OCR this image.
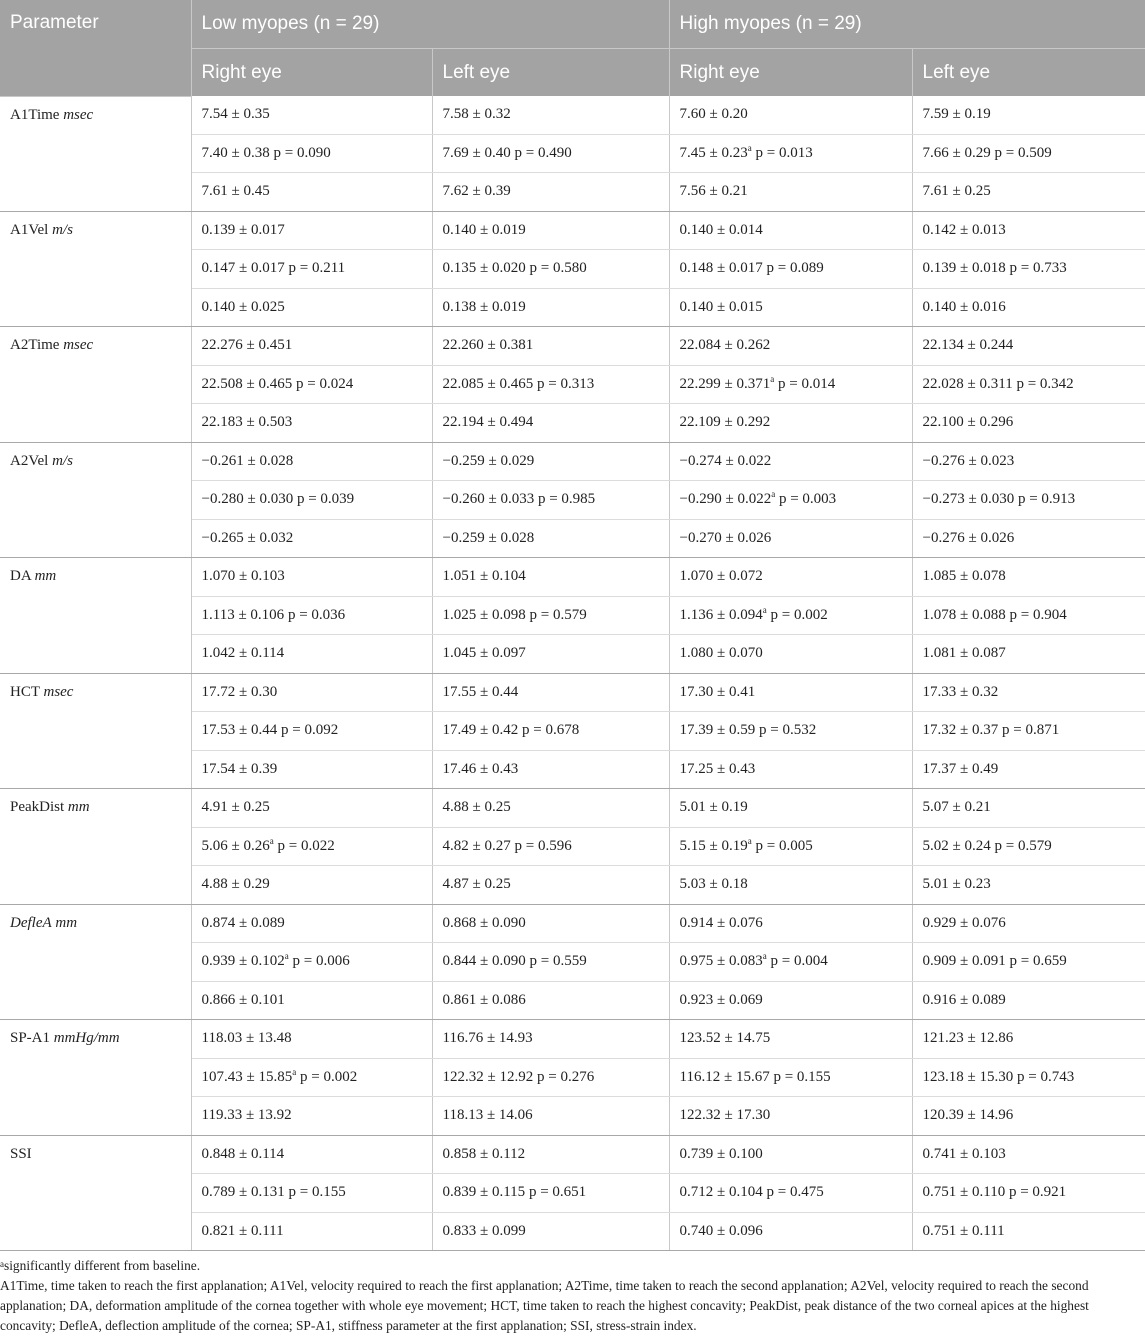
Parameter	Low myopes (n = 29)		High myopes (n = 29)	
	Right eye	Left eye	Right eye	Left eye
A1Time msec	7.54 ± 0.35	7.58 ± 0.32	7.60 ± 0.20	7.59 ± 0.19
	7.40 ± 0.38 p = 0.090	7.69 ± 0.40 p = 0.490	7.45 ± 0.23$^a$ p = 0.013	7.66 ± 0.29 p = 0.509
	7.61 ± 0.45	7.62 ± 0.39	7.56 ± 0.21	7.61 ± 0.25
A1Vel m/s	0.139 ± 0.017	0.140 ± 0.019	0.140 ± 0.014	0.142 ± 0.013
	0.147 ± 0.017 p = 0.211	0.135 ± 0.020 p = 0.580	0.148 ± 0.017 p = 0.089	0.139 ± 0.018 p = 0.733
	0.140 ± 0.025	0.138 ± 0.019	0.140 ± 0.015	0.140 ± 0.016
A2Time msec	22.276 ± 0.451	22.260 ± 0.381	22.084 ± 0.262	22.134 ± 0.244
	22.508 ± 0.465 p = 0.024	22.085 ± 0.465 p = 0.313	22.299 ± 0.371$^a$ p = 0.014	22.028 ± 0.311 p = 0.342
	22.183 ± 0.503	22.194 ± 0.494	22.109 ± 0.292	22.100 ± 0.296
A2Vel m/s	−0.261 ± 0.028	−0.259 ± 0.029	−0.274 ± 0.022	−0.276 ± 0.023
	−0.280 ± 0.030 p = 0.039	−0.260 ± 0.033 p = 0.985	−0.290 ± 0.022$^a$ p = 0.003	−0.273 ± 0.030 p = 0.913
	−0.265 ± 0.032	−0.259 ± 0.028	−0.270 ± 0.026	−0.276 ± 0.026
DA mm	1.070 ± 0.103	1.051 ± 0.104	1.070 ± 0.072	1.085 ± 0.078
	1.113 ± 0.106 p = 0.036	1.025 ± 0.098 p = 0.579	1.136 ± 0.094$^a$ p = 0.002	1.078 ± 0.088 p = 0.904
	1.042 ± 0.114	1.045 ± 0.097	1.080 ± 0.070	1.081 ± 0.087
HCT msec	17.72 ± 0.30	17.55 ± 0.44	17.30 ± 0.41	17.33 ± 0.32
	17.53 ± 0.44 p = 0.092	17.49 ± 0.42 p = 0.678	17.39 ± 0.59 p = 0.532	17.32 ± 0.37 p = 0.871
	17.54 ± 0.39	17.46 ± 0.43	17.25 ± 0.43	17.37 ± 0.49
PeakDist mm	4.91 ± 0.25	4.88 ± 0.25	5.01 ± 0.19	5.07 ± 0.21
	5.06 ± 0.26$^a$ p = 0.022	4.82 ± 0.27 p = 0.596	5.15 ± 0.19$^a$ p = 0.005	5.02 ± 0.24 p = 0.579
	4.88 ± 0.29	4.87 ± 0.25	5.03 ± 0.18	5.01 ± 0.23
DefleA mm	0.874 ± 0.089	0.868 ± 0.090	0.914 ± 0.076	0.929 ± 0.076
	0.939 ± 0.102$^a$ p = 0.006	0.844 ± 0.090 p = 0.559	0.975 ± 0.083$^a$ p = 0.004	0.909 ± 0.091 p = 0.659
	0.866 ± 0.101	0.861 ± 0.086	0.923 ± 0.069	0.916 ± 0.089
SP-A1 mmHg/mm	118.03 ± 13.48	116.76 ± 14.93	123.52 ± 14.75	121.23 ± 12.86
	107.43 ± 15.85$^a$ p = 0.002	122.32 ± 12.92 p = 0.276	116.12 ± 15.67 p = 0.155	123.18 ± 15.30 p = 0.743
	119.33 ± 13.92	118.13 ± 14.06	122.32 ± 17.30	120.39 ± 14.96
SSI	0.848 ± 0.114	0.858 ± 0.112	0.739 ± 0.100	0.741 ± 0.103
	0.789 ± 0.131 p = 0.155	0.839 ± 0.115 p = 0.651	0.712 ± 0.104 p = 0.475	0.751 ± 0.110 p = 0.921
	0.821 ± 0.111	0.833 ± 0.099	0.740 ± 0.096	0.751 ± 0.111

$^a$significantly different from baseline.

A1Time, time taken to reach the first applanation; A1Vel, velocity required to reach the first applanation; A2Time, time taken to reach the second applanation; A2Vel, velocity required to reach the second applanation; DA, deformation amplitude of the cornea together with whole eye movement; HCT, time taken to reach the highest concavity; PeakDist, peak distance of the two corneal apices at the highest concavity; DefleA, deflection amplitude of the cornea; SP-A1, stiffness parameter at the first applanation; SSI, stress-strain index.
